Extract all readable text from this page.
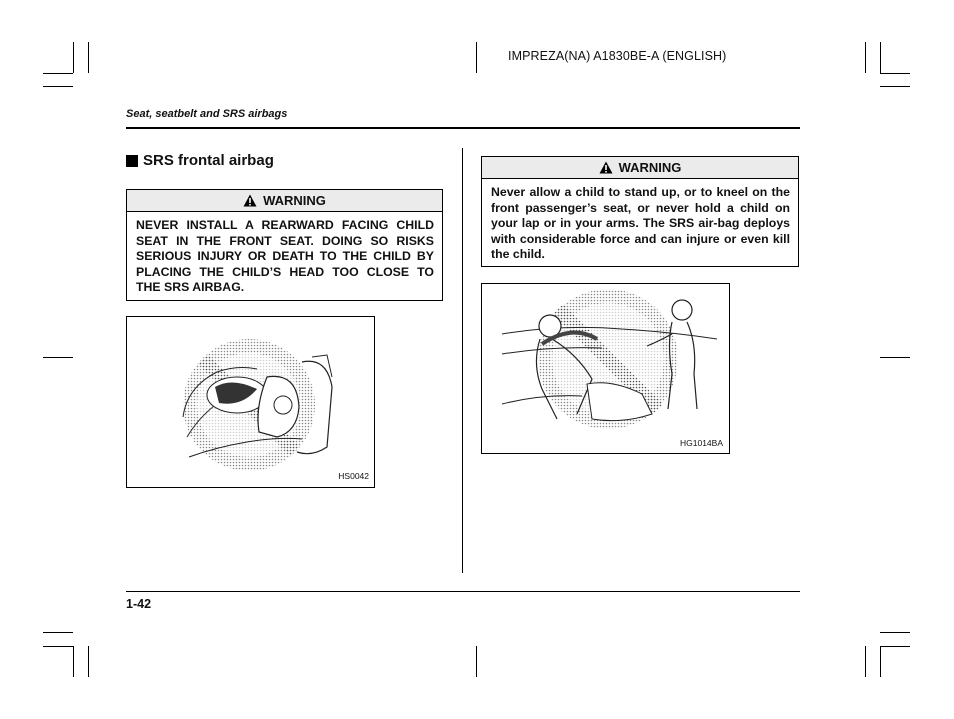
IMPREZA(NA) A1830BE-A (ENGLISH)
Seat, seatbelt and SRS airbags
SRS frontal airbag
WARNING
NEVER INSTALL A REARWARD FACING CHILD SEAT IN THE FRONT SEAT. DOING SO RISKS SERIOUS INJURY OR DEATH TO THE CHILD BY PLACING THE CHILD’S HEAD TOO CLOSE TO THE SRS AIRBAG.
HS0042
WARNING
Never allow a child to stand up, or to kneel on the front passenger’s seat, or never hold a child on your lap or in your arms. The SRS air-bag deploys with considerable force and can injure or even kill the child.
HG1014BA
1-42
